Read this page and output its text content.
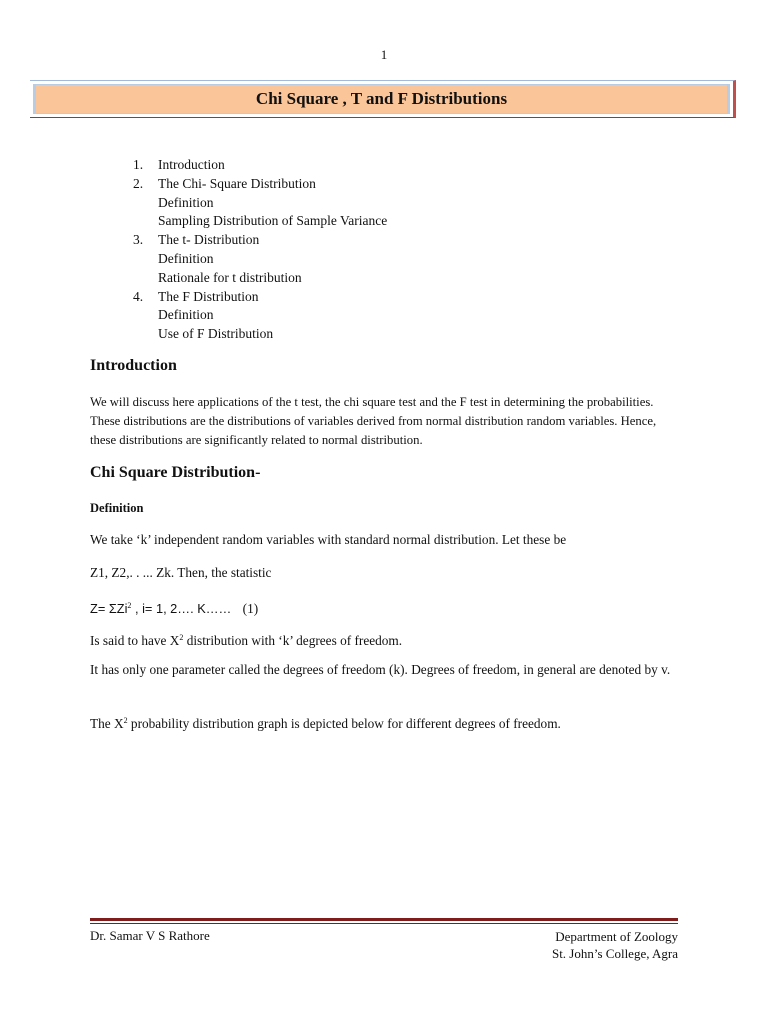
1
Chi Square , T and F Distributions
1. Introduction
2. The Chi- Square Distribution
Definition
Sampling Distribution of Sample Variance
3. The t- Distribution
Definition
Rationale for t distribution
4. The F Distribution
Definition
Use of F Distribution
Introduction

We will discuss here applications of the t test, the chi square test and the F test in determining the probabilities. These distributions are the distributions of variables derived from normal distribution random variables. Hence, these distributions are significantly related to normal distribution.

Chi Square Distribution-

Definition

We take ‘k’ independent random variables with standard normal distribution. Let these be

Z1, Z2,. . ... Zk. Then, the statistic

Z= ΣZi$^2$ , i= 1, 2…. K…… (1)

Is said to have $X^2$ distribution with ‘k’ degrees of freedom.

It has only one parameter called the degrees of freedom (k). Degrees of freedom, in general are denoted by v.

The $X^2$ probability distribution graph is depicted below for different degrees of freedom.

Dr. Samar V S Rathore	Department of Zoology
St. John’s College, Agra
